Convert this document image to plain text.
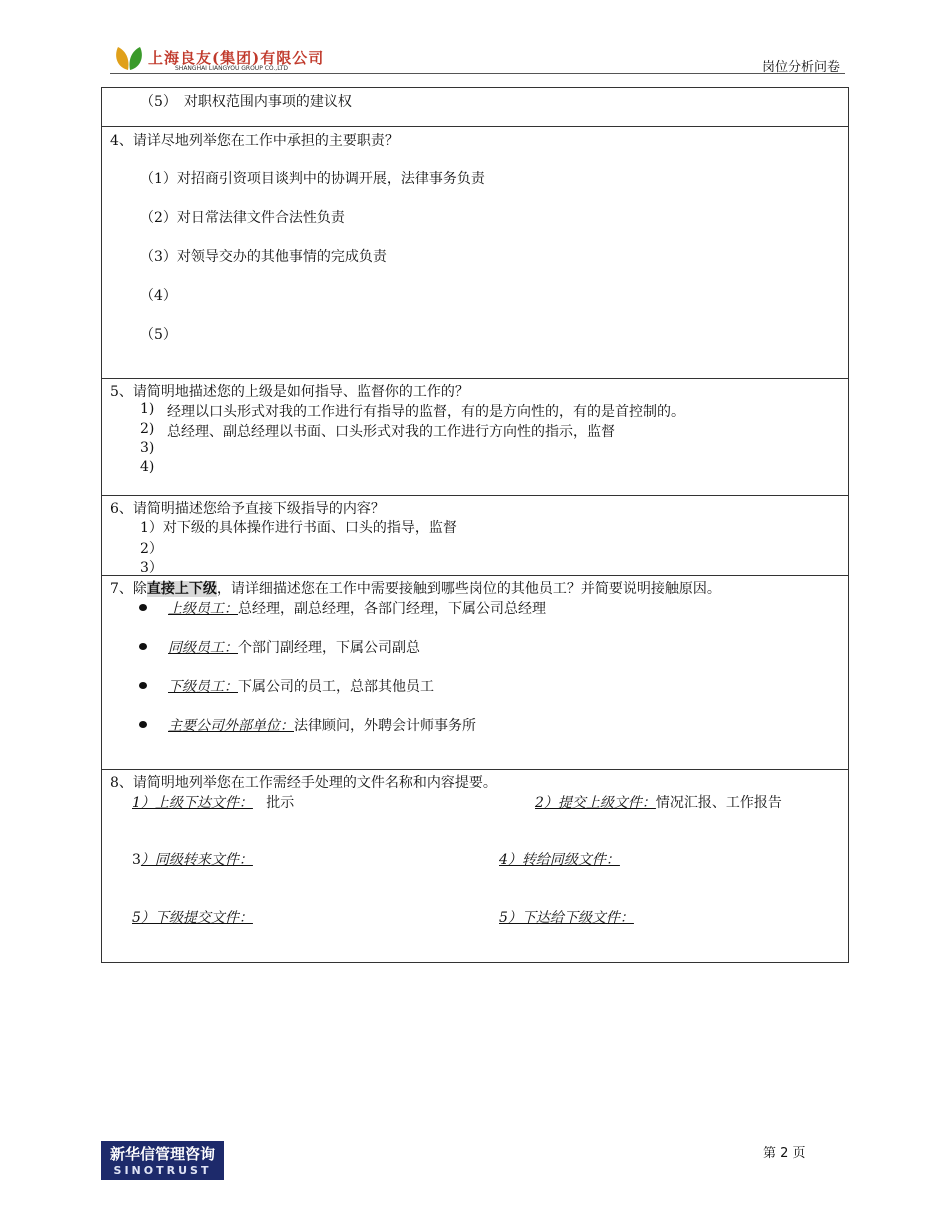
上海良友(集团)有限公司
SHANGHAI LIANGYOU GROUP CO.,LTD	岗位分析问卷
（5）　对职权范围内事项的建议权

4、请详尽地列举您在工作中承担的主要职责？
（1）对招商引资项目谈判中的协调开展，法律事务负责
（2）对日常法律文件合法性负责
（3）对领导交办的其他事情的完成负责
（4）
（5）

5、请简明地描述您的上级是如何指导、监督你的工作的？
1) 经理以口头形式对我的工作进行有指导的监督，有的是方向性的，有的是首控制的。
2) 总经理、副总经理以书面、口头形式对我的工作进行方向性的指示，监督
3)
4)

6、请简明描述您给予直接下级指导的内容？
1）对下级的具体操作进行书面、口头的指导，监督
2）
3）

7、除直接上下级，请详细描述您在工作中需要接触到哪些岗位的其他员工？并简要说明接触原因。
上级员工：总经理，副总经理，各部门经理，下属公司总经理
同级员工：个部门副经理，下属公司副总
下级员工：下属公司的员工，总部其他员工
主要公司外部单位：法律顾问，外聘会计师事务所

8、请简明地列举您在工作需经手处理的文件名称和内容提要。
1）上级下达文件： 批示	2）提交上级文件：情况汇报、工作报告
3）同级转来文件：	4）转给同级文件：
5）下级提交文件：	5）下达给下级文件：
新华信管理咨询
SINOTRUST
第 2 页
